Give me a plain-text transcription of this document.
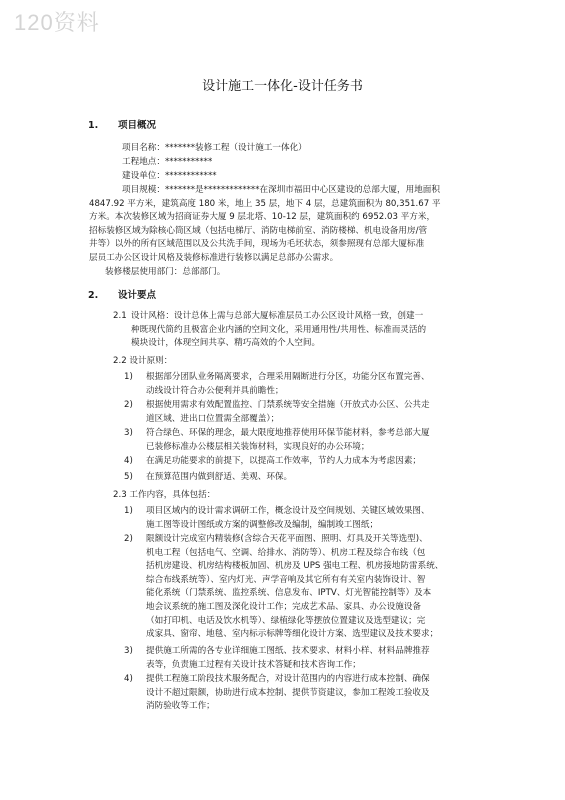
120资料
设计施工一体化-设计任务书
1. 项目概况
项目名称：*******装修工程（设计施工一体化）
工程地点：***********
建设单位：************
项目规模：*******是*************在深圳市福田中心区建设的总部大厦，用地面积
4847.92 平方米，建筑高度 180 米，地上 35 层，地下 4 层，总建筑面积为 80,351.67 平
方米。本次装修区域为招商证券大厦 9 层北塔、10-12 层，建筑面积约 6952.03 平方米，
招标装修区域为除核心筒区域（包括电梯厅、消防电梯前室、消防楼梯、机电设备用房/管
井等）以外的所有区域范围以及公共洗手间，现场为毛坯状态，须参照现有总部大厦标准
层员工办公区设计风格及装修标准进行装修以满足总部办公需求。
装修楼层使用部门：总部部门。
2. 设计要点
2.1 设计风格：设计总体上需与总部大厦标准层员工办公区设计风格一致，创建一
种既现代简约且极富企业内涵的空间文化，采用通用性/共用性、标准而灵活的
模块设计，体现空间共享、精巧高效的个人空间。
2.2 设计原则：
1) 根据部分团队业务隔离要求，合理采用隔断进行分区，功能分区布置完善、
动线设计符合办公便利并具前瞻性；
2) 根据使用需求有效配置监控、门禁系统等安全措施（开放式办公区、公共走
道区域、进出口位置需全部覆盖）；
3) 符合绿色、环保的理念，最大限度地推荐使用环保节能材料，参考总部大厦
已装修标准办公楼层相关装饰材料，实现良好的办公环境；
4) 在满足功能要求的前提下，以提高工作效率，节约人力成本为考虑因素；
5) 在预算范围内做到舒适、美观、环保。
2.3 工作内容，具体包括：
1) 项目区域内的设计需求调研工作，概念设计及空间规划、关键区域效果图、
施工图等设计图纸或方案的调整修改及编制，编制竣工图纸；
2) 限额设计完成室内精装修(含综合天花平面图、照明、灯具及开关等选型)、
机电工程（包括电气、空调、给排水、消防等）、机房工程及综合布线（包
括机房建设、机房结构楼板加固、机房及 UPS 强电工程、机房接地防雷系统、
综合布线系统等）、室内灯光、声学音响及其它所有有关室内装饰设计、智
能化系统（门禁系统、监控系统、信息发布、IPTV、灯光智能控制等）及本
地会议系统的施工图及深化设计工作；完成艺术品、家具、办公设施设备
（如打印机、电话及饮水机等）、绿植绿化等摆放位置建议及选型建议；完
成家具、窗帘、地毯、室内标示标牌等细化设计方案、选型建议及技术要求；
3) 提供施工所需的各专业详细施工图纸、技术要求、材料小样、材料品牌推荐
表等，负责施工过程有关设计技术答疑和技术咨询工作；
4) 提供工程施工阶段技术服务配合，对设计范围内的内容进行成本控制、确保
设计不超过限额，协助进行成本控制、提供节资建议，参加工程竣工验收及
消防验收等工作；
